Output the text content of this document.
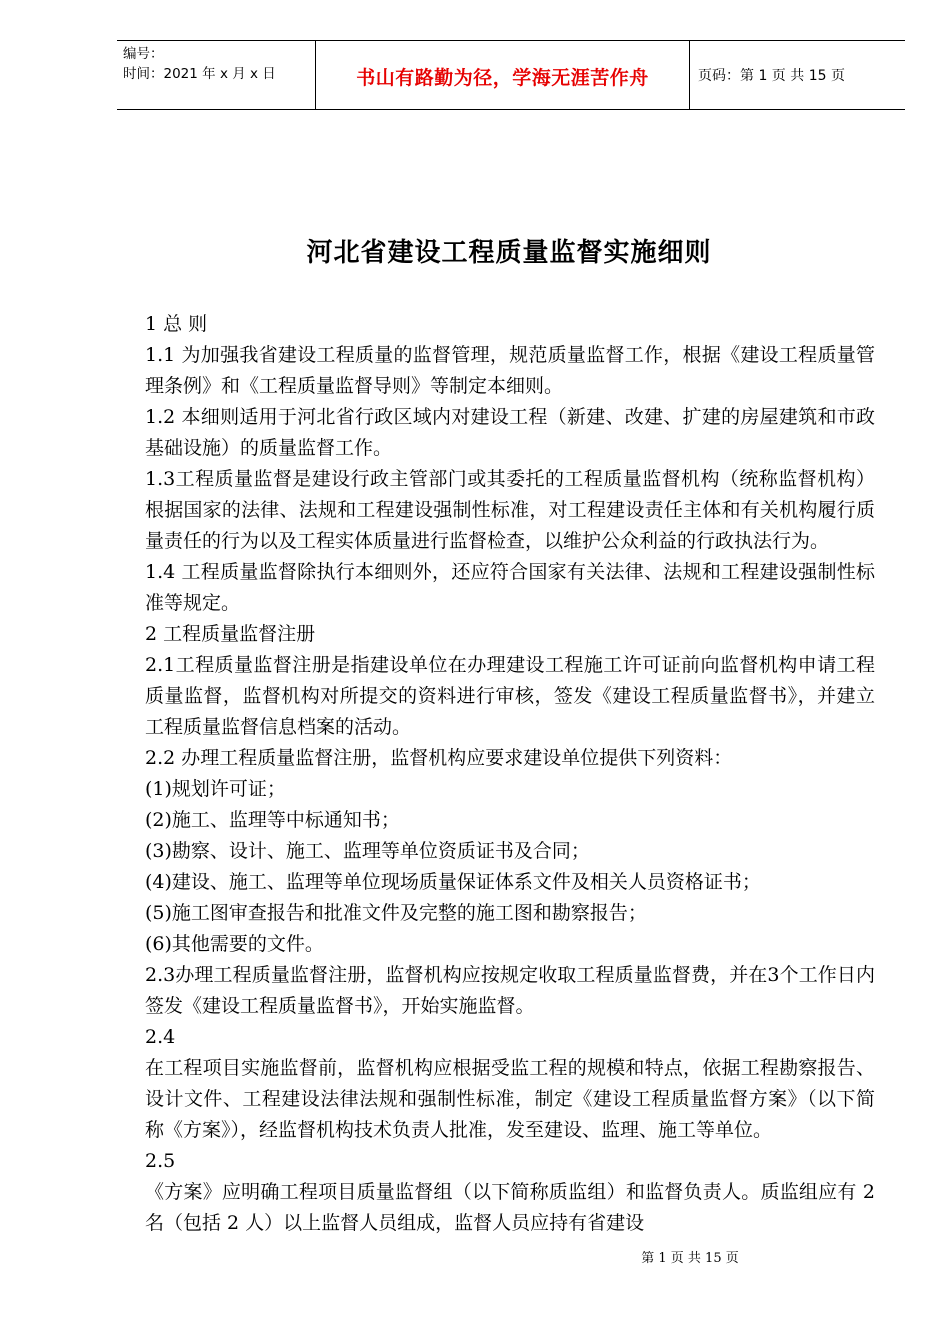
编号：
时间：2021 年 x 月 x 日	书山有路勤为径，学海无涯苦作舟	页码：第 1 页 共 15 页
河北省建设工程质量监督实施细则

1 总 则

1.1 为加强我省建设工程质量的监督管理，规范质量监督工作，根据《建设工程质量管理条例》和《工程质量监督导则》等制定本细则。

1.2 本细则适用于河北省行政区域内对建设工程（新建、改建、扩建的房屋建筑和市政基础设施）的质量监督工作。

1.3工程质量监督是建设行政主管部门或其委托的工程质量监督机构（统称监督机构）根据国家的法律、法规和工程建设强制性标准，对工程建设责任主体和有关机构履行质量责任的行为以及工程实体质量进行监督检查，以维护公众利益的行政执法行为。

1.4 工程质量监督除执行本细则外，还应符合国家有关法律、法规和工程建设强制性标准等规定。

2 工程质量监督注册

2.1工程质量监督注册是指建设单位在办理建设工程施工许可证前向监督机构申请工程质量监督，监督机构对所提交的资料进行审核，签发《建设工程质量监督书》，并建立工程质量监督信息档案的活动。

2.2 办理工程质量监督注册，监督机构应要求建设单位提供下列资料：

(1)规划许可证；

(2)施工、监理等中标通知书；

(3)勘察、设计、施工、监理等单位资质证书及合同；

(4)建设、施工、监理等单位现场质量保证体系文件及相关人员资格证书；

(5)施工图审查报告和批准文件及完整的施工图和勘察报告；

(6)其他需要的文件。

2.3办理工程质量监督注册，监督机构应按规定收取工程质量监督费，并在3个工作日内签发《建设工程质量监督书》，开始实施监督。

2.4

在工程项目实施监督前，监督机构应根据受监工程的规模和特点，依据工程勘察报告、设计文件、工程建设法律法规和强制性标准，制定《建设工程质量监督方案》（以下简称《方案》），经监督机构技术负责人批准，发至建设、监理、施工等单位。

2.5

《方案》应明确工程项目质量监督组（以下简称质监组）和监督负责人。质监组应有 2 名（包括 2 人）以上监督人员组成，监督人员应持有省建设

第 1 页 共 15 页
